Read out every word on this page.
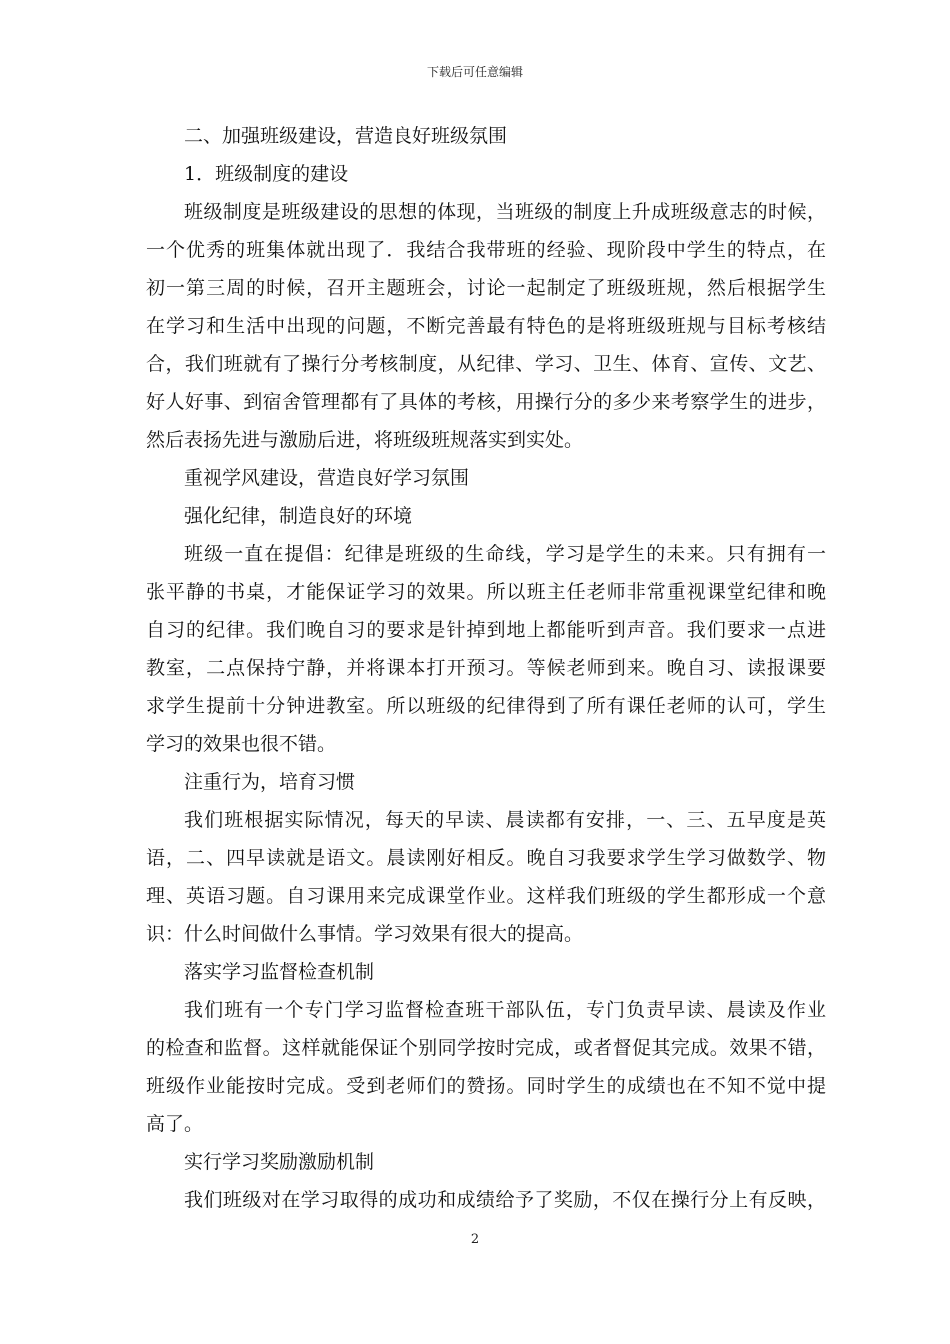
下载后可任意编辑
二、加强班级建设，营造良好班级氛围
1．班级制度的建设
班级制度是班级建设的思想的体现，当班级的制度上升成班级意志的时候，
一个优秀的班集体就出现了．我结合我带班的经验、现阶段中学生的特点，在
初一第三周的时候，召开主题班会，讨论一起制定了班级班规，然后根据学生
在学习和生活中出现的问题，不断完善最有特色的是将班级班规与目标考核结
合，我们班就有了操行分考核制度，从纪律、学习、卫生、体育、宣传、文艺、
好人好事、到宿舍管理都有了具体的考核，用操行分的多少来考察学生的进步，
然后表扬先进与激励后进，将班级班规落实到实处。
重视学风建设，营造良好学习氛围
强化纪律，制造良好的环境
班级一直在提倡：纪律是班级的生命线，学习是学生的未来。只有拥有一
张平静的书桌，才能保证学习的效果。所以班主任老师非常重视课堂纪律和晚
自习的纪律。我们晚自习的要求是针掉到地上都能听到声音。我们要求一点进
教室，二点保持宁静，并将课本打开预习。等候老师到来。晚自习、读报课要
求学生提前十分钟进教室。所以班级的纪律得到了所有课任老师的认可，学生
学习的效果也很不错。
注重行为，培育习惯
我们班根据实际情况，每天的早读、晨读都有安排，一、三、五早度是英
语，二、四早读就是语文。晨读刚好相反。晚自习我要求学生学习做数学、物
理、英语习题。自习课用来完成课堂作业。这样我们班级的学生都形成一个意
识：什么时间做什么事情。学习效果有很大的提高。
落实学习监督检查机制
我们班有一个专门学习监督检查班干部队伍，专门负责早读、晨读及作业
的检查和监督。这样就能保证个别同学按时完成，或者督促其完成。效果不错，
班级作业能按时完成。受到老师们的赞扬。同时学生的成绩也在不知不觉中提
高了。
实行学习奖励激励机制
我们班级对在学习取得的成功和成绩给予了奖励，不仅在操行分上有反映，
2
